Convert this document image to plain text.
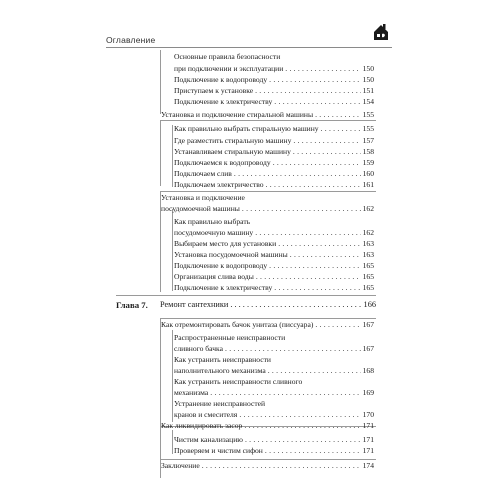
Оглавление
Основные правила безопасности
при подключении и эксплуатации . . .	150
Подключение к водопроводу . . .	150
Приступаем к установке . . .	151
Подключение к электричеству . . .	154
Установка и подключение стиральной машины . . .	155
Как правильно выбрать стиральную машину . . .	155
Где разместить стиральную машину . . .	157
Устанавливаем стиральную машину . . .	158
Подключаемся к водопроводу . . .	159
Подключаем слив . . .	160
Подключаем электричество . . .	161
Установка и подключение
посудомоечной машины . . .	162
Как правильно выбрать
посудомоечную машину . . .	162
Выбираем место для установки . . .	163
Установка посудомоечной машины . . .	163
Подключение к водопроводу . . .	165
Организация слива воды . . .	165
Подключение к электричеству . . .	165
Глава 7. Ремонт сантехники . . .	166
Как отремонтировать бачок унитаза (писсуара) . . .	167
Распространенные неисправности
сливного бачка . . .	167
Как устранить неисправности
наполнительного механизма . . .	168
Как устранить неисправности сливного
механизма . . .	169
Устранение неисправностей
кранов и смесителя . . .	170
Как ликвидировать засор . . .	171
Чистим канализацию . . .	171
Проверяем и чистим сифон . . .	171
Заключение . . .	174
